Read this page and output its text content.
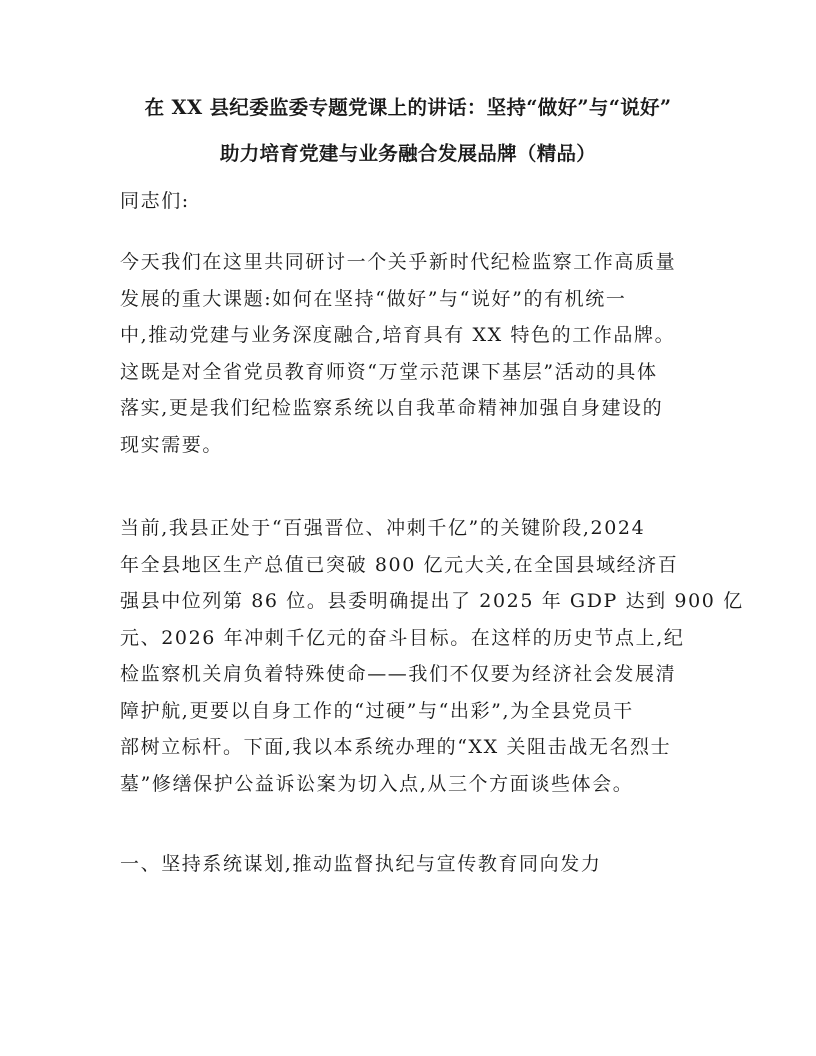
在 XX 县纪委监委专题党课上的讲话：坚持“做好”与“说好”
助力培育党建与业务融合发展品牌（精品）
同志们:
今天我们在这里共同研讨一个关乎新时代纪检监察工作高质量
发展的重大课题:如何在坚持“做好”与“说好”的有机统一
中,推动党建与业务深度融合,培育具有 XX 特色的工作品牌。
这既是对全省党员教育师资“万堂示范课下基层”活动的具体
落实,更是我们纪检监察系统以自我革命精神加强自身建设的
现实需要。
当前,我县正处于“百强晋位、冲刺千亿”的关键阶段,2024
年全县地区生产总值已突破 800 亿元大关,在全国县域经济百
强县中位列第 86 位。县委明确提出了 2025 年 GDP 达到 900 亿
元、2026 年冲刺千亿元的奋斗目标。在这样的历史节点上,纪
检监察机关肩负着特殊使命——我们不仅要为经济社会发展清
障护航,更要以自身工作的“过硬”与“出彩”,为全县党员干
部树立标杆。下面,我以本系统办理的“XX 关阻击战无名烈士
墓”修缮保护公益诉讼案为切入点,从三个方面谈些体会。
一、坚持系统谋划,推动监督执纪与宣传教育同向发力
